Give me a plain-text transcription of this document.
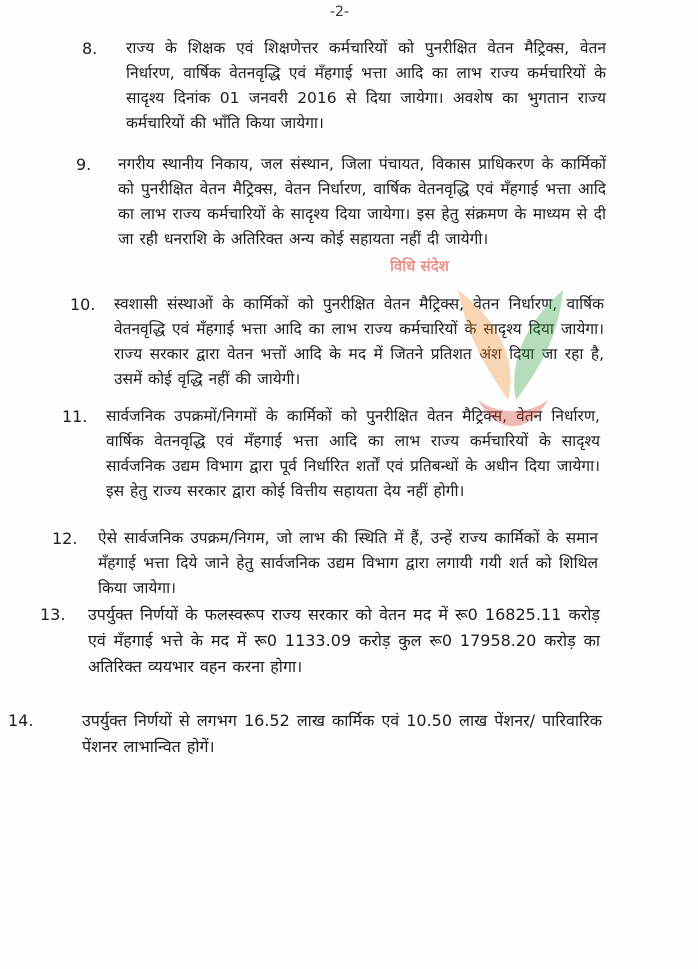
-2-
8. राज्य के शिक्षक एवं शिक्षणेत्तर कर्मचारियों को पुनरीक्षित वेतन मैट्रिक्स, वेतन निर्धारण, वार्षिक वेतनवृद्धि एवं मँहगाई भत्ता आदि का लाभ राज्य कर्मचारियों के सादृश्य दिनांक 01 जनवरी 2016 से दिया जायेगा। अवशेष का भुगतान राज्य कर्मचारियों की भाँति किया जायेगा।
9. नगरीय स्थानीय निकाय, जल संस्थान, जिला पंचायत, विकास प्राधिकरण के कार्मिकों को पुनरीक्षित वेतन मैट्रिक्स, वेतन निर्धारण, वार्षिक वेतनवृद्धि एवं मँहगाई भत्ता आदि का लाभ राज्य कर्मचारियों के सादृश्य दिया जायेगा। इस हेतु संक्रमण के माध्यम से दी जा रही धनराशि के अतिरिक्त अन्य कोई सहायता नहीं दी जायेगी।
10. स्वशासी संस्थाओं के कार्मिकों को पुनरीक्षित वेतन मैट्रिक्स, वेतन निर्धारण, वार्षिक वेतनवृद्धि एवं मँहगाई भत्ता आदि का लाभ राज्य कर्मचारियों के सादृश्य दिया जायेगा। राज्य सरकार द्वारा वेतन भत्तों आदि के मद में जितने प्रतिशत अंश दिया जा रहा है, उसमें कोई वृद्धि नहीं की जायेगी।
11. सार्वजनिक उपक्रमों/निगमों के कार्मिकों को पुनरीक्षित वेतन मैट्रिक्स, वेतन निर्धारण, वार्षिक वेतनवृद्धि एवं मँहगाई भत्ता आदि का लाभ राज्य कर्मचारियों के सादृश्य सार्वजनिक उद्यम विभाग द्वारा पूर्व निर्धारित शर्तों एवं प्रतिबन्धों के अधीन दिया जायेगा। इस हेतु राज्य सरकार द्वारा कोई वित्तीय सहायता देय नहीं होगी।
12. ऐसे सार्वजनिक उपक्रम/निगम, जो लाभ की स्थिति में हैं, उन्हें राज्य कार्मिकों के समान मँहगाई भत्ता दिये जाने हेतु सार्वजनिक उद्यम विभाग द्वारा लगायी गयी शर्त को शिथिल किया जायेगा।
13. उपर्युक्त निर्णयों के फलस्वरूप राज्य सरकार को वेतन मद में रू0 16825.11 करोड़ एवं मँहगाई भत्ते के मद में रू0 1133.09 करोड़ कुल रू0 17958.20 करोड़ का अतिरिक्त व्ययभार वहन करना होगा।
14.	उपर्युक्त निर्णयों से लगभग 16.52 लाख कार्मिक एवं 10.50 लाख पेंशनर/ पारिवारिक पेंशनर लाभान्वित होगें।
विधि संदेश
